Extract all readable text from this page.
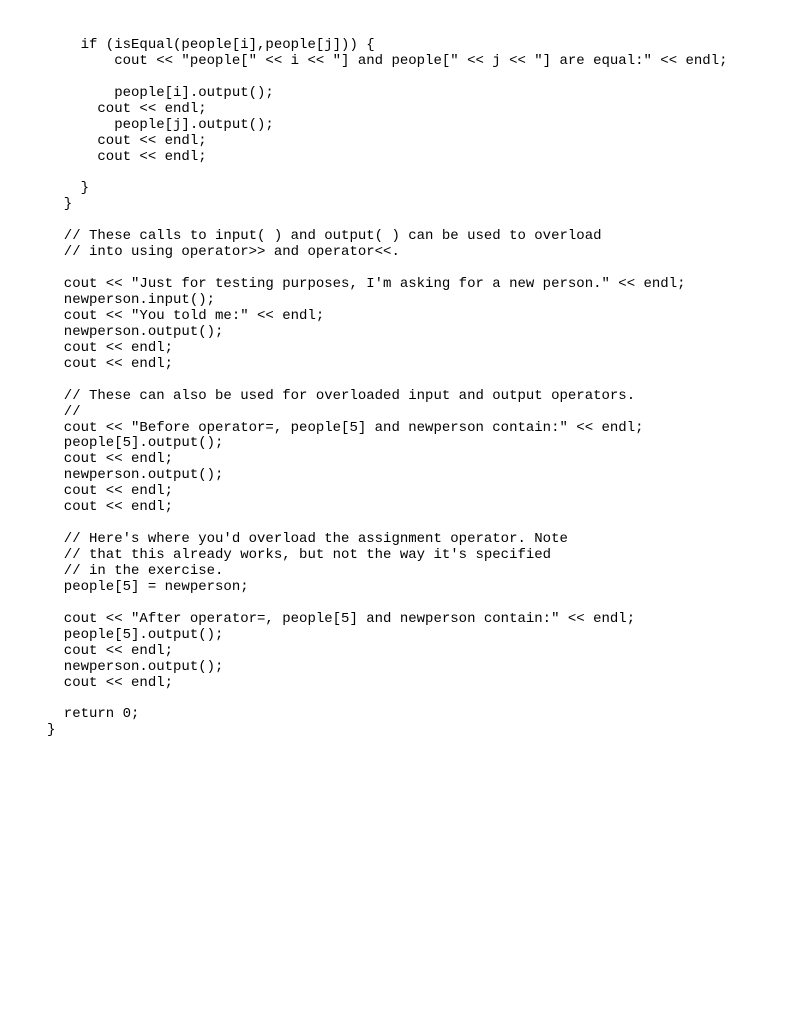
if (isEqual(people[i],people[j])) {
cout << "people[" << i << "] and people[" << j << "] are equal:" << endl;
people[i].output();
cout << endl;
people[j].output();
cout << endl;
cout << endl;
}
}
// These calls to input( ) and output( ) can be used to overload
// into using operator>> and operator<<.
cout << "Just for testing purposes, I'm asking for a new person." << endl;
newperson.input();
cout << "You told me:" << endl;
newperson.output();
cout << endl;
cout << endl;
// These can also be used for overloaded input and output operators.
//
cout << "Before operator=, people[5] and newperson contain:" << endl;
people[5].output();
cout << endl;
newperson.output();
cout << endl;
cout << endl;
// Here's where you'd overload the assignment operator. Note
// that this already works, but not the way it's specified
// in the exercise.
people[5] = newperson;
cout << "After operator=, people[5] and newperson contain:" << endl;
people[5].output();
cout << endl;
newperson.output();
cout << endl;
return 0;
}
